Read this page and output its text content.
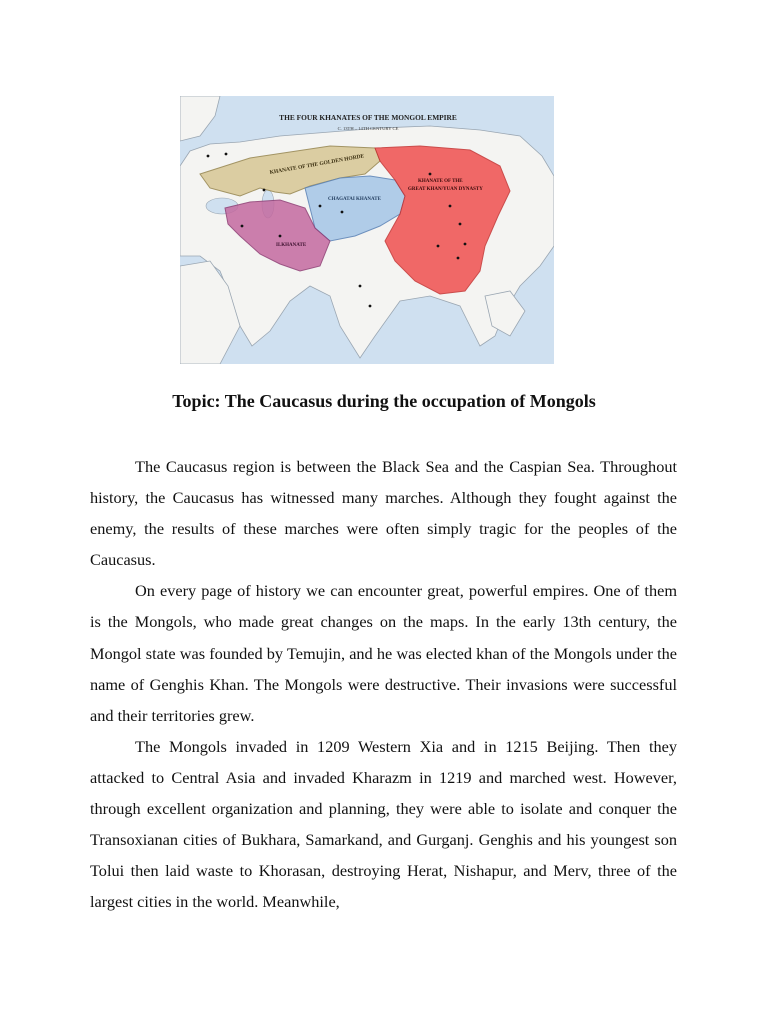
THE FOUR KHANATES OF THE MONGOL EMPIRE
C. 13TH – 14TH CENTURY CE
KHANATE OF THE GOLDEN HORDE
CHAGATAI KHANATE
KHANATE OF THE
GREAT KHAN/YUAN DYNASTY
ILKHANATE
Topic: The Caucasus during the occupation of Mongols

The Caucasus region is between the Black Sea and the Caspian Sea. Throughout history, the Caucasus has witnessed many marches. Although they fought against the enemy, the results of these marches were often simply tragic for the peoples of the Caucasus.

On every page of history we can encounter great, powerful empires. One of them is the Mongols, who made great changes on the maps. In the early 13th century, the Mongol state was founded by Temujin, and he was elected khan of the Mongols under the name of Genghis Khan. The Mongols were destructive. Their invasions were successful and their territories grew.

The Mongols invaded in 1209 Western Xia and in 1215 Beijing. Then they attacked to Central Asia and invaded Kharazm in 1219 and marched west. However, through excellent organization and planning, they were able to isolate and conquer the Transoxianan cities of Bukhara, Samarkand, and Gurganj. Genghis and his youngest son Tolui then laid waste to Khorasan, destroying Herat, Nishapur, and Merv, three of the largest cities in the world. Meanwhile,
